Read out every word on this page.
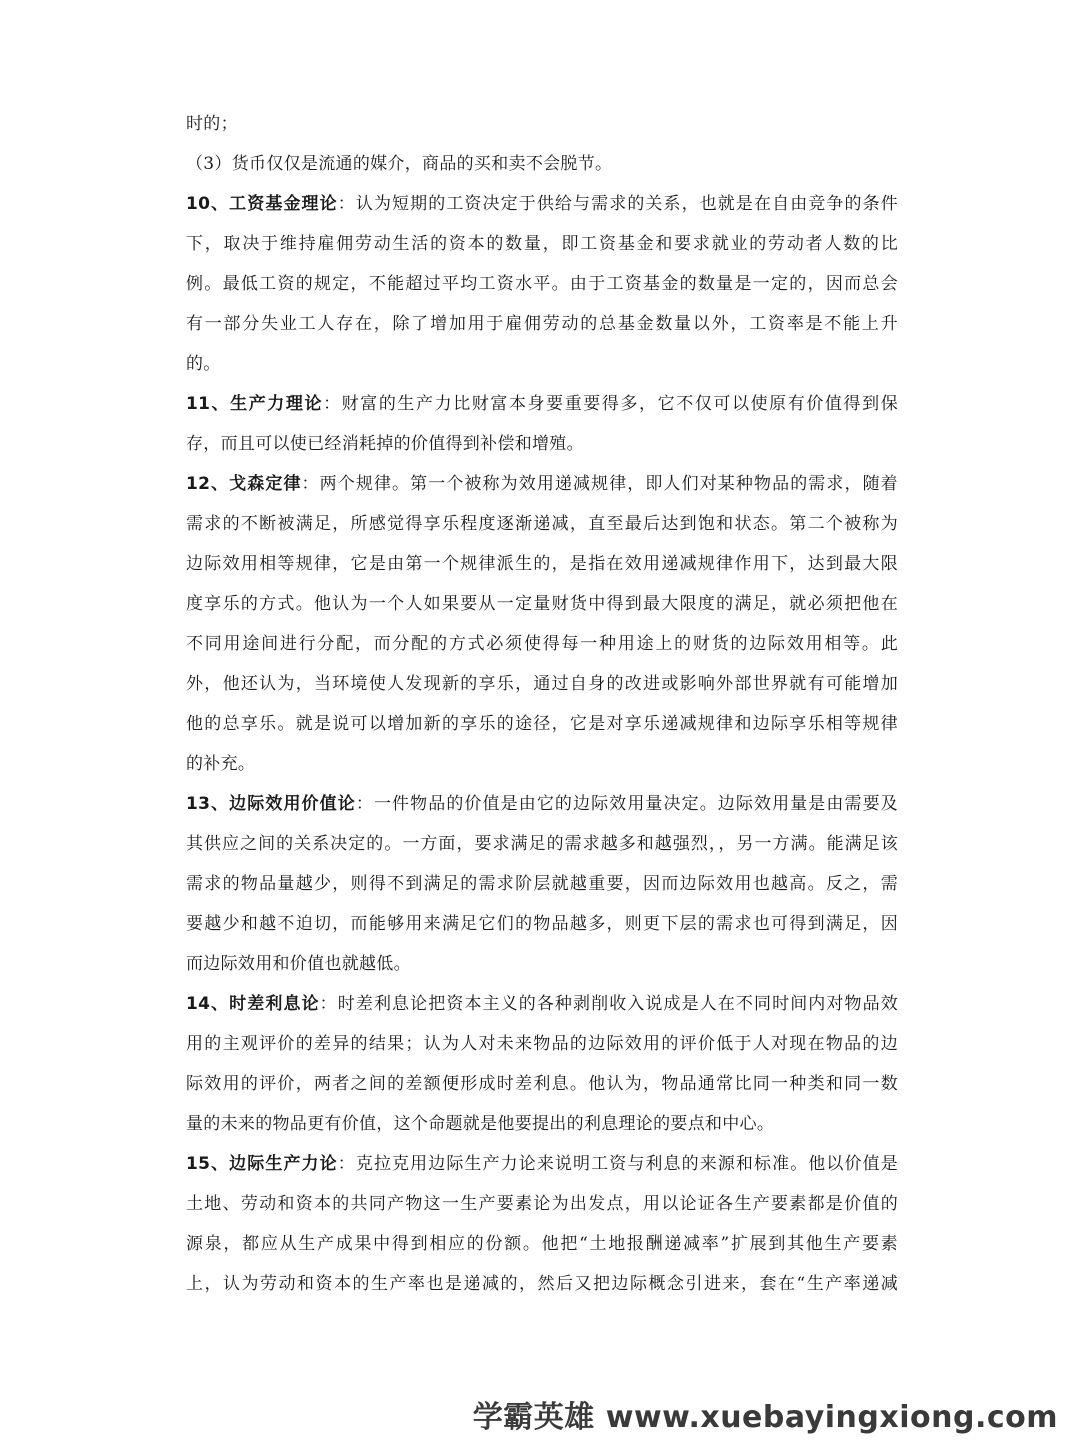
时的；
（3）货币仅仅是流通的媒介，商品的买和卖不会脱节。
10、工资基金理论：认为短期的工资决定于供给与需求的关系，也就是在自由竞争的条件
下，取决于维持雇佣劳动生活的资本的数量，即工资基金和要求就业的劳动者人数的比
例。最低工资的规定，不能超过平均工资水平。由于工资基金的数量是一定的，因而总会
有一部分失业工人存在，除了增加用于雇佣劳动的总基金数量以外，工资率是不能上升
的。
11、生产力理论：财富的生产力比财富本身要重要得多，它不仅可以使原有价值得到保
存，而且可以使已经消耗掉的价值得到补偿和增殖。
12、戈森定律：两个规律。第一个被称为效用递减规律，即人们对某种物品的需求，随着
需求的不断被满足，所感觉得享乐程度逐渐递减，直至最后达到饱和状态。第二个被称为
边际效用相等规律，它是由第一个规律派生的，是指在效用递减规律作用下，达到最大限
度享乐的方式。他认为一个人如果要从一定量财货中得到最大限度的满足，就必须把他在
不同用途间进行分配，而分配的方式必须使得每一种用途上的财货的边际效用相等。此
外，他还认为，当环境使人发现新的享乐，通过自身的改进或影响外部世界就有可能增加
他的总享乐。就是说可以增加新的享乐的途径，它是对享乐递减规律和边际享乐相等规律
的补充。
13、边际效用价值论：一件物品的价值是由它的边际效用量决定。边际效用量是由需要及
其供应之间的关系决定的。一方面，要求满足的需求越多和越强烈，，另一方满。能满足该
需求的物品量越少，则得不到满足的需求阶层就越重要，因而边际效用也越高。反之，需
要越少和越不迫切，而能够用来满足它们的物品越多，则更下层的需求也可得到满足，因
而边际效用和价值也就越低。
14、时差利息论：时差利息论把资本主义的各种剥削收入说成是人在不同时间内对物品效
用的主观评价的差异的结果；认为人对未来物品的边际效用的评价低于人对现在物品的边
际效用的评价，两者之间的差额便形成时差利息。他认为，物品通常比同一种类和同一数
量的未来的物品更有价值，这个命题就是他要提出的利息理论的要点和中心。
15、边际生产力论：克拉克用边际生产力论来说明工资与利息的来源和标准。他以价值是
土地、劳动和资本的共同产物这一生产要素论为出发点，用以论证各生产要素都是价值的
源泉，都应从生产成果中得到相应的份额。他把“土地报酬递减率”扩展到其他生产要素
上，认为劳动和资本的生产率也是递减的，然后又把边际概念引进来，套在“生产率递减
学霸英雄 www.xuebayingxiong.com
